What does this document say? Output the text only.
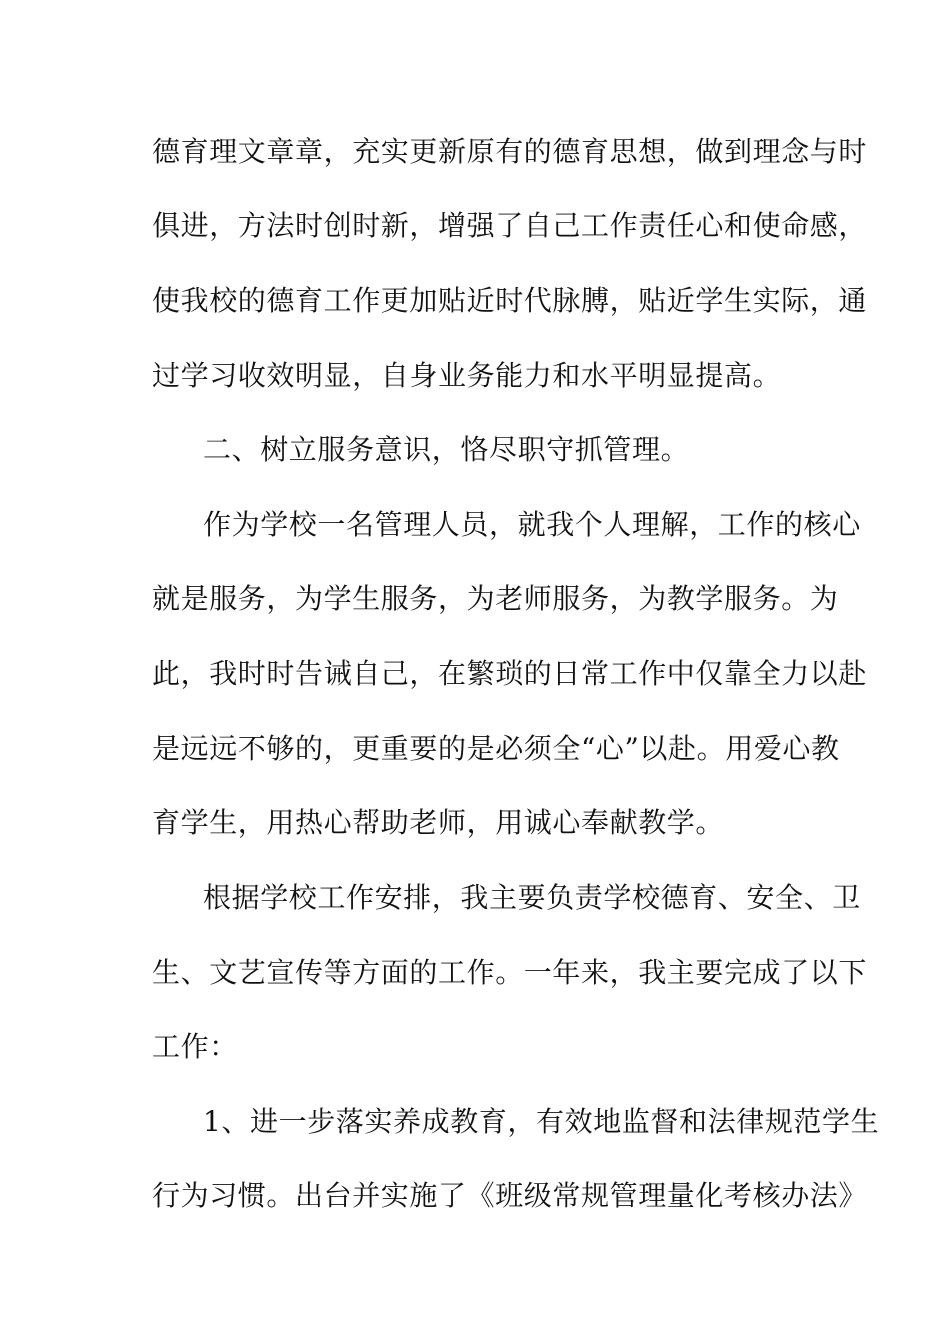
德育理文章章，充实更新原有的德育思想，做到理念与时
俱进，方法时创时新，增强了自己工作责任心和使命感，
使我校的德育工作更加贴近时代脉膊，贴近学生实际，通
过学习收效明显，自身业务能力和水平明显提高。
二、树立服务意识，恪尽职守抓管理。
作为学校一名管理人员，就我个人理解，工作的核心
就是服务，为学生服务，为老师服务，为教学服务。为
此，我时时告诫自己，在繁琐的日常工作中仅靠全力以赴
是远远不够的，更重要的是必须全“心”以赴。用爱心教
育学生，用热心帮助老师，用诚心奉献教学。
根据学校工作安排，我主要负责学校德育、安全、卫
生、文艺宣传等方面的工作。一年来，我主要完成了以下
工作：
1、进一步落实养成教育，有效地监督和法律规范学生
行为习惯。出台并实施了《班级常规管理量化考核办法》
